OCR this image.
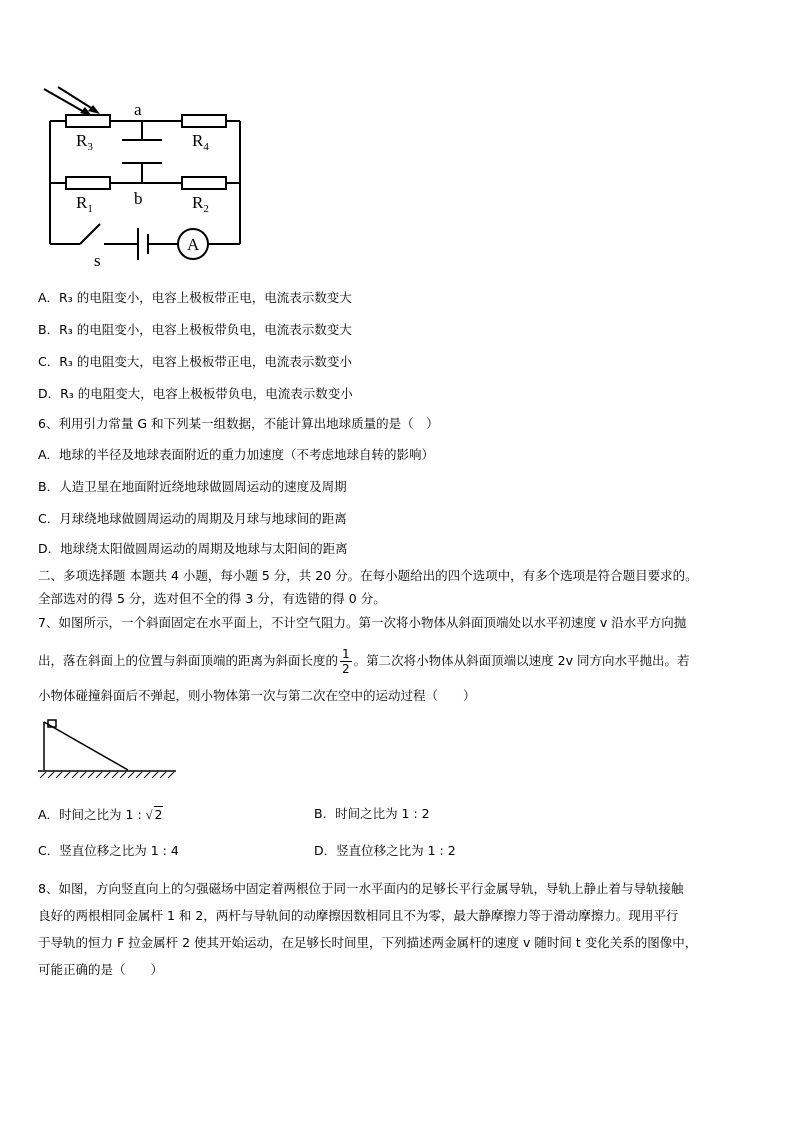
a
b
$R_3$	$R_4$
$R_1$	$R_2$
s
A
A．R₃ 的电阻变小，电容上极板带正电，电流表示数变大
B．R₃ 的电阻变小，电容上极板带负电，电流表示数变大
C．R₃ 的电阻变大，电容上极板带正电，电流表示数变小
D．R₃ 的电阻变大，电容上极板带负电，电流表示数变小
6、利用引力常量 G 和下列某一组数据，不能计算出地球质量的是（　）
A．地球的半径及地球表面附近的重力加速度（不考虑地球自转的影响）
B．人造卫星在地面附近绕地球做圆周运动的速度及周期
C．月球绕地球做圆周运动的周期及月球与地球间的距离
D．地球绕太阳做圆周运动的周期及地球与太阳间的距离
二、多项选择题 本题共 4 小题，每小题 5 分，共 20 分。在每小题给出的四个选项中，有多个选项是符合题目要求的。
全部选对的得 5 分，选对但不全的得 3 分，有选错的得 0 分。
7、如图所示，一个斜面固定在水平面上，不计空气阻力。第一次将小物体从斜面顶端处以水平初速度 v 沿水平方向抛
出，落在斜面上的位置与斜面顶端的距离为斜面长度的 $\frac{1}{2}$ 。第二次将小物体从斜面顶端以速度 2v 同方向水平抛出。若
小物体碰撞斜面后不弹起，则小物体第一次与第二次在空中的运动过程（　　）
A．时间之比为 1 : √ 2	B．时间之比为 1 : 2
C．竖直位移之比为 1 : 4	D．竖直位移之比为 1 : 2
8、如图，方向竖直向上的匀强磁场中固定着两根位于同一水平面内的足够长平行金属导轨，导轨上静止着与导轨接触
良好的两根相同金属杆 1 和 2，两杆与导轨间的动摩擦因数相同且不为零，最大静摩擦力等于滑动摩擦力。现用平行
于导轨的恒力 F 拉金属杆 2 使其开始运动，在足够长时间里，下列描述两金属杆的速度 v 随时间 t 变化关系的图像中，
可能正确的是（　　）
